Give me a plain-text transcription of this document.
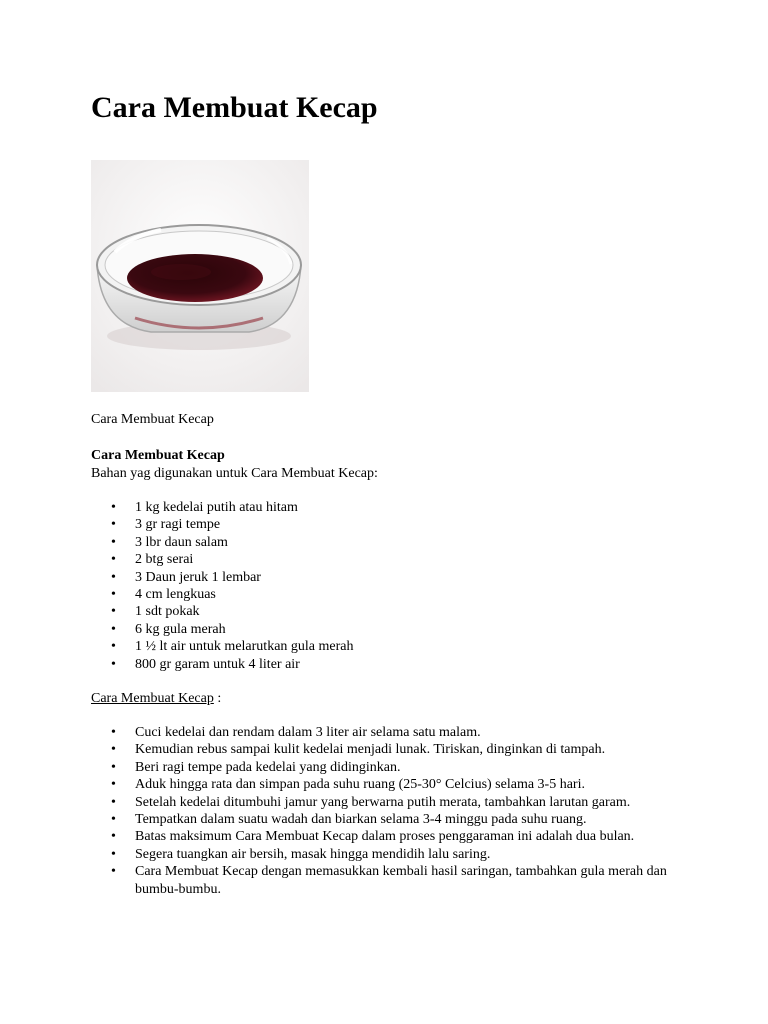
Cara Membuat Kecap
Cara Membuat Kecap
Cara Membuat Kecap
Bahan yag digunakan untuk Cara Membuat Kecap:
• 1 kg kedelai putih atau hitam
• 3 gr ragi tempe
• 3 lbr daun salam
• 2 btg serai
• 3 Daun jeruk 1 lembar
• 4 cm lengkuas
• 1 sdt pokak
• 6 kg gula merah
• 1 ½ lt air untuk melarutkan gula merah
• 800 gr garam untuk 4 liter air
Cara Membuat Kecap :
• Cuci kedelai dan rendam dalam 3 liter air selama satu malam.
• Kemudian rebus sampai kulit kedelai menjadi lunak. Tiriskan, dinginkan di tampah.
• Beri ragi tempe pada kedelai yang didinginkan.
• Aduk hingga rata dan simpan pada suhu ruang (25-30° Celcius) selama 3-5 hari.
• Setelah kedelai ditumbuhi jamur yang berwarna putih merata, tambahkan larutan garam.
• Tempatkan dalam suatu wadah dan biarkan selama 3-4 minggu pada suhu ruang.
• Batas maksimum Cara Membuat Kecap dalam proses penggaraman ini adalah dua bulan.
• Segera tuangkan air bersih, masak hingga mendidih lalu saring.
• Cara Membuat Kecap dengan memasukkan kembali hasil saringan, tambahkan gula merah dan bumbu-bumbu.
